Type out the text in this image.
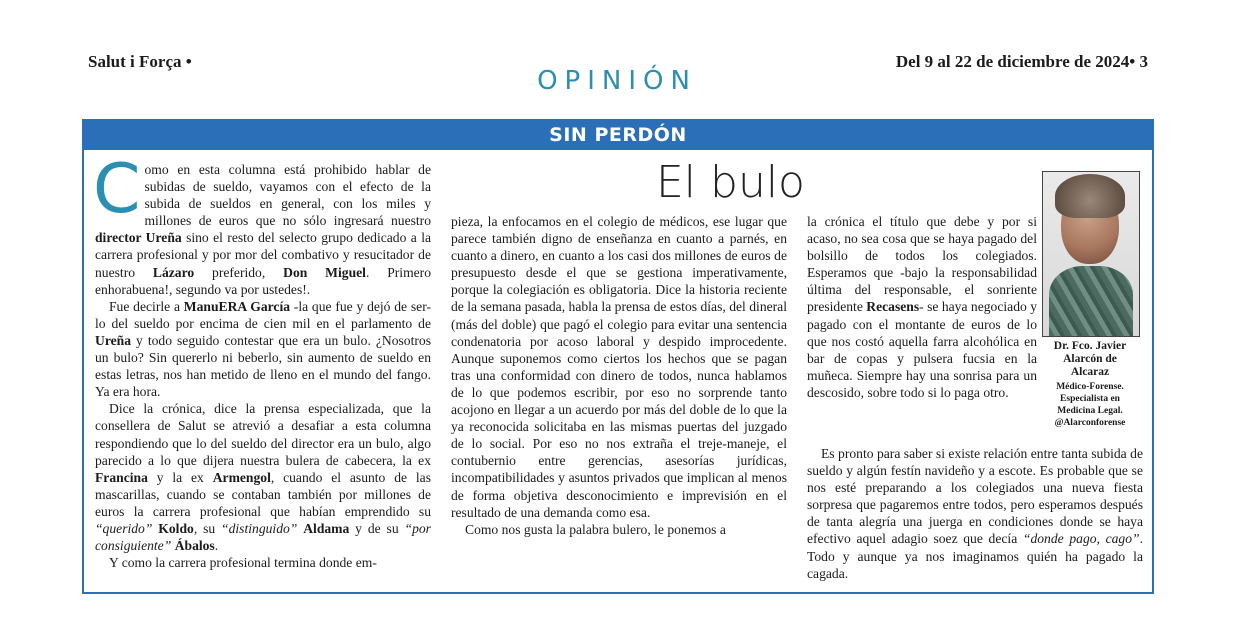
Salut i Força •	Del 9 al 22 de diciembre de 2024• 3
OPINIÓN
SIN PERDÓN

Como en esta columna está prohibido hablar de subidas de sueldo, vayamos con el efecto de la subida de sueldos en general, con los miles y millones de euros que no sólo ingresará nuestro director Ureña sino el resto del selecto grupo dedicado a la carrera profesional y por mor del combativo y resucitador de nuestro Lázaro preferido, Don Miguel. Primero enhorabuena!, segundo va por ustedes!.

Fue decirle a ManuERA García -la que fue y dejó de ser- lo del sueldo por encima de cien mil en el parlamento de Ureña y todo seguido contestar que era un bulo. ¿Nosotros un bulo? Sin quererlo ni beberlo, sin aumento de sueldo en estas letras, nos han metido de lleno en el mundo del fango. Ya era hora.

Dice la crónica, dice la prensa especializada, que la consellera de Salut se atrevió a desafiar a esta columna respondiendo que lo del sueldo del director era un bulo, algo parecido a lo que dijera nuestra bulera de cabecera, la ex Francina y la ex Armengol, cuando el asunto de las mascarillas, cuando se contaban también por millones de euros la carrera profesional que habían emprendido su “querido” Koldo, su “distinguido” Aldama y de su “por consiguiente” Ábalos.

Y como la carrera profesional termina donde em-

El bulo

pieza, la enfocamos en el colegio de médicos, ese lugar que parece también digno de enseñanza en cuanto a parnés, en cuanto a dinero, en cuanto a los casi dos millones de euros de presupuesto desde el que se gestiona imperativamente, porque la colegiación es obligatoria. Dice la historia reciente de la semana pasada, habla la prensa de estos días, del dineral (más del doble) que pagó el colegio para evitar una sentencia condenatoria por acoso laboral y despido improcedente. Aunque suponemos como ciertos los hechos que se pagan tras una conformidad con dinero de todos, nunca hablamos de lo que podemos escribir, por eso no sorprende tanto acojono en llegar a un acuerdo por más del doble de lo que la ya reconocida solicitaba en las mismas puertas del juzgado de lo social. Por eso no nos extraña el treje-maneje, el contubernio entre gerencias, asesorías jurídicas, incompatibilidades y asuntos privados que implican al menos de forma objetiva desconocimiento e imprevisión en el resultado de una demanda como esa.

Como nos gusta la palabra bulero, le ponemos a

la crónica el título que debe y por si acaso, no sea cosa que se haya pagado del bolsillo de todos los colegiados. Esperamos que -bajo la responsabilidad última del responsable, el sonriente presidente Recasens- se haya negociado y pagado con el montante de euros de lo que nos costó aquella farra alcohólica en bar de copas y pulsera fucsia en la muñeca. Siempre hay una sonrisa para un descosido, sobre todo si lo paga otro.

Es pronto para saber si existe relación entre tanta subida de sueldo y algún festín navideño y a escote. Es probable que se nos esté preparando a los colegiados una nueva fiesta sorpresa que pagaremos entre todos, pero esperamos después de tanta alegría una juerga en condiciones donde se haya efectivo aquel adagio soez que decía “donde pago, cago”. Todo y aunque ya nos imaginamos quién ha pagado la cagada.

Dr. Fco. Javier
Alarcón de
Alcaraz
Médico-Forense.
Especialista en
Medicina Legal.
@Alarconforense
